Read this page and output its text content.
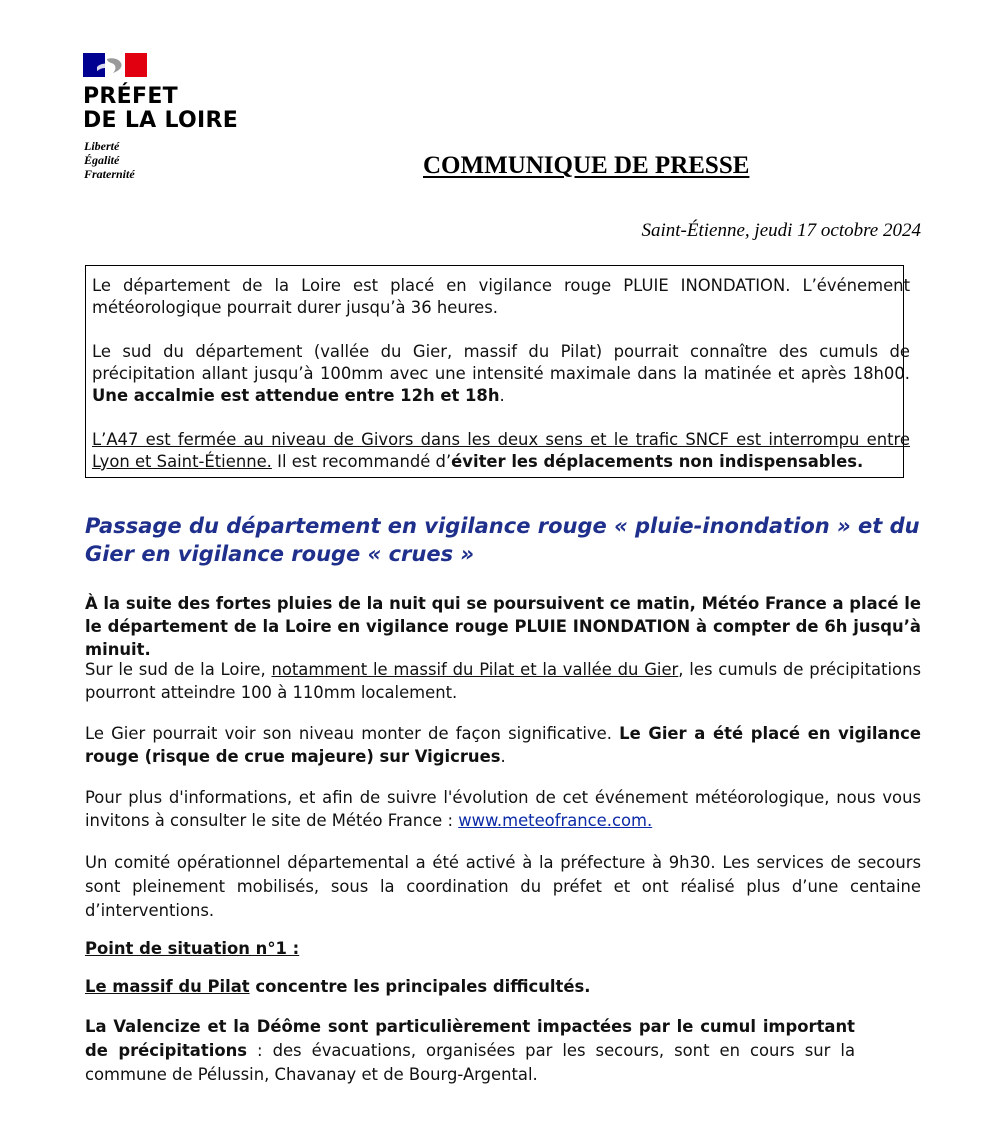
PRÉFET
DE LA LOIRE
Liberté
Égalité
Fraternité	COMMUNIQUE DE PRESSE
Saint-Étienne, jeudi 17 octobre 2024

Le département de la Loire est placé en vigilance rouge PLUIE INONDATION. L’événement météorologique pourrait durer jusqu’à 36 heures.

Le sud du département (vallée du Gier, massif du Pilat) pourrait connaître des cumuls de précipitation allant jusqu’à 100mm avec une intensité maximale dans la matinée et après 18h00. Une accalmie est attendue entre 12h et 18h.

L’A47 est fermée au niveau de Givors dans les deux sens et le trafic SNCF est interrompu entre Lyon et Saint-Étienne. Il est recommandé d’éviter les déplacements non indispensables.

Passage du département en vigilance rouge « pluie-inondation » et du Gier en vigilance rouge « crues »

À la suite des fortes pluies de la nuit qui se poursuivent ce matin, Météo France a placé le le département de la Loire en vigilance rouge PLUIE INONDATION à compter de 6h jusqu’à minuit.

Sur le sud de la Loire, notamment le massif du Pilat et la vallée du Gier, les cumuls de précipitations pourront atteindre 100 à 110mm localement.

Le Gier pourrait voir son niveau monter de façon significative. Le Gier a été placé en vigilance rouge (risque de crue majeure) sur Vigicrues.

Pour plus d'informations, et afin de suivre l'évolution de cet événement météorologique, nous vous invitons à consulter le site de Météo France : www.meteofrance.com.

Un comité opérationnel départemental a été activé à la préfecture à 9h30. Les services de secours sont pleinement mobilisés, sous la coordination du préfet et ont réalisé plus d’une centaine d’interventions.

Point de situation n°1 :

Le massif du Pilat concentre les principales difficultés.

La Valencize et la Déôme sont particulièrement impactées par le cumul important de précipitations : des évacuations, organisées par les secours, sont en cours sur la commune de Pélussin, Chavanay et de Bourg-Argental.
